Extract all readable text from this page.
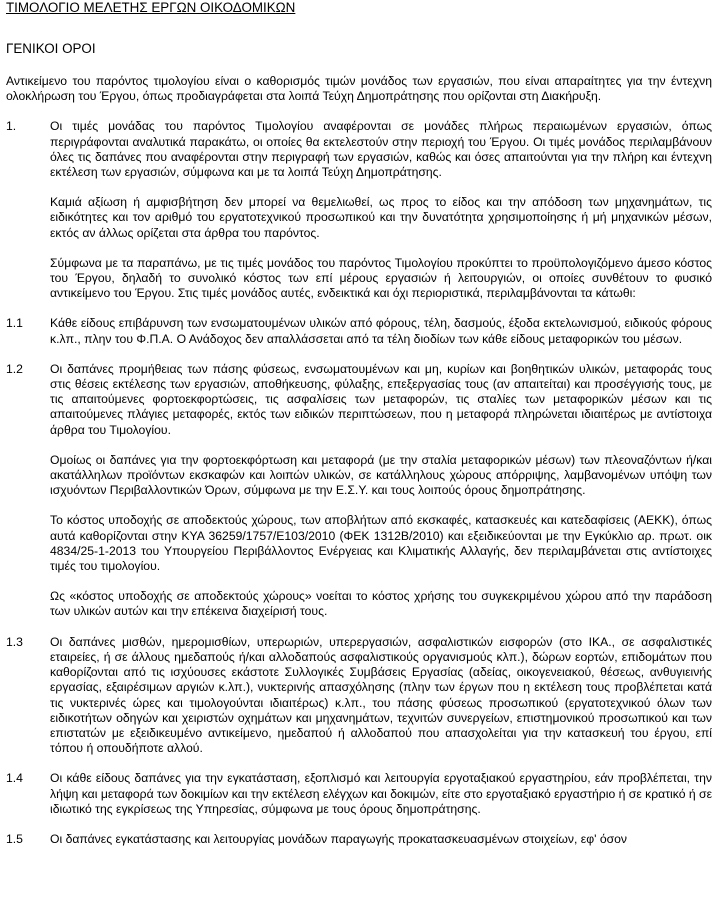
ΤΙΜΟΛΟΓΙΟ ΜΕΛΕΤΗΣ ΕΡΓΩΝ ΟΙΚΟΔΟΜΙΚΩΝ

ΓΕΝΙΚΟΙ ΟΡΟΙ

Αντικείμενο του παρόντος τιμολογίου είναι ο καθορισμός τιμών μονάδος των εργασιών, που είναι απαραίτητες για την έντεχνη ολοκλήρωση του Έργου, όπως προδιαγράφεται στα λοιπά Τεύχη Δημοπράτησης που ορίζονται στη Διακήρυξη.

1.	Οι τιμές μονάδας του παρόντος Τιμολογίου αναφέρονται σε μονάδες πλήρως περαιωμένων εργασιών, όπως περιγράφονται αναλυτικά παρακάτω, οι οποίες θα εκτελεστούν στην περιοχή του Έργου. Οι τιμές μονάδος περιλαμβάνουν όλες τις δαπάνες που αναφέρονται στην περιγραφή των εργασιών, καθώς και όσες απαιτούνται για την πλήρη και έντεχνη εκτέλεση των εργασιών, σύμφωνα και με τα λοιπά Τεύχη Δημοπράτησης.

Καμιά αξίωση ή αμφισβήτηση δεν μπορεί να θεμελιωθεί, ως προς το είδος και την απόδοση των μηχανημάτων, τις ειδικότητες και τον αριθμό του εργατοτεχνικού προσωπικού και την δυνατότητα χρησιμοποίησης ή μή μηχανικών μέσων, εκτός αν άλλως ορίζεται στα άρθρα του παρόντος.

Σύμφωνα με τα παραπάνω, με τις τιμές μονάδος του παρόντος Τιμολογίου προκύπτει το προϋπολογιζόμενο άμεσο κόστος του Έργου, δηλαδή το συνολικό κόστος των επί μέρους εργασιών ή λειτουργιών, οι οποίες συνθέτουν το φυσικό αντικείμενο του Έργου. Στις τιμές μονάδος αυτές, ενδεικτικά και όχι περιοριστικά, περιλαμβάνονται τα κάτωθι:

1.1	Κάθε είδους επιβάρυνση των ενσωματουμένων υλικών από φόρους, τέλη, δασμούς, έξοδα εκτελωνισμού, ειδικούς φόρους κ.λπ., πλην του Φ.Π.Α. Ο Ανάδοχος δεν απαλλάσσεται από τα τέλη διοδίων των κάθε είδους μεταφορικών του μέσων.

1.2	Οι δαπάνες προμήθειας των πάσης φύσεως, ενσωματουμένων και μη, κυρίων και βοηθητικών υλικών, μεταφοράς τους στις θέσεις εκτέλεσης των εργασιών, αποθήκευσης, φύλαξης, επεξεργασίας τους (αν απαιτείται) και προσέγγισής τους, με τις απαιτούμενες φορτοεκφορτώσεις, τις ασφαλίσεις των μεταφορών, τις σταλίες των μεταφορικών μέσων και τις απαιτούμενες πλάγιες μεταφορές, εκτός των ειδικών περιπτώσεων, που η μεταφορά πληρώνεται ιδιαιτέρως με αντίστοιχα άρθρα του Τιμολογίου.

Ομοίως οι δαπάνες για την φορτοεκφόρτωση και μεταφορά (με την σταλία μεταφορικών μέσων) των πλεοναζόντων ή/και ακατάλληλων προϊόντων εκσκαφών και λοιπών υλικών, σε κατάλληλους χώρους απόρριψης, λαμβανομένων υπόψη των ισχυόντων Περιβαλλοντικών Όρων, σύμφωνα με την Ε.Σ.Υ. και τους λοιπούς όρους δημοπράτησης.

Το κόστος υποδοχής σε αποδεκτούς χώρους, των αποβλήτων από εκσκαφές, κατασκευές και κατεδαφίσεις (ΑΕΚΚ), όπως αυτά καθορίζονται στην ΚΥΑ 36259/1757/Ε103/2010 (ΦΕΚ 1312Β/2010) και εξειδικεύονται με την Εγκύκλιο αρ. πρωτ. οικ 4834/25-1-2013 του Υπουργείου Περιβάλλοντος Ενέργειας και Κλιματικής Αλλαγής, δεν περιλαμβάνεται στις αντίστοιχες τιμές του τιμολογίου.

Ως «κόστος υποδοχής σε αποδεκτούς χώρους» νοείται το κόστος χρήσης του συγκεκριμένου χώρου από την παράδοση των υλικών αυτών και την επέκεινα διαχείρισή τους.

1.3	Οι δαπάνες μισθών, ημερομισθίων, υπερωριών, υπερεργασιών, ασφαλιστικών εισφορών (στο ΙΚΑ., σε ασφαλιστικές εταιρείες, ή σε άλλους ημεδαπούς ή/και αλλοδαπούς ασφαλιστικούς οργανισμούς κλπ.), δώρων εορτών, επιδομάτων που καθορίζονται από τις ισχύουσες εκάστοτε Συλλογικές Συμβάσεις Εργασίας (αδείας, οικογενειακού, θέσεως, ανθυγιεινής εργασίας, εξαιρέσιμων αργιών κ.λπ.), νυκτερινής απασχόλησης (πλην των έργων που η εκτέλεση τους προβλέπεται κατά τις νυκτερινές ώρες και τιμολογούνται ιδιαιτέρως) κ.λπ., του πάσης φύσεως προσωπικού (εργατοτεχνικού όλων των ειδικοτήτων οδηγών και χειριστών οχημάτων και μηχανημάτων, τεχνιτών συνεργείων, επιστημονικού προσωπικού και των επιστατών με εξειδικευμένο αντικείμενο, ημεδαπού ή αλλοδαπού που απασχολείται για την κατασκευή του έργου, επί τόπου ή οπουδήποτε αλλού.

1.4	Οι κάθε είδους δαπάνες για την εγκατάσταση, εξοπλισμό και λειτουργία εργοταξιακού εργαστηρίου, εάν προβλέπεται, την λήψη και μεταφορά των δοκιμίων και την εκτέλεση ελέγχων και δοκιμών, είτε στο εργοταξιακό εργαστήριο ή σε κρατικό ή σε ιδιωτικό της εγκρίσεως της Υπηρεσίας, σύμφωνα με τους όρους δημοπράτησης.

1.5	Οι δαπάνες εγκατάστασης και λειτουργίας μονάδων παραγωγής προκατασκευασμένων στοιχείων, εφ' όσον
